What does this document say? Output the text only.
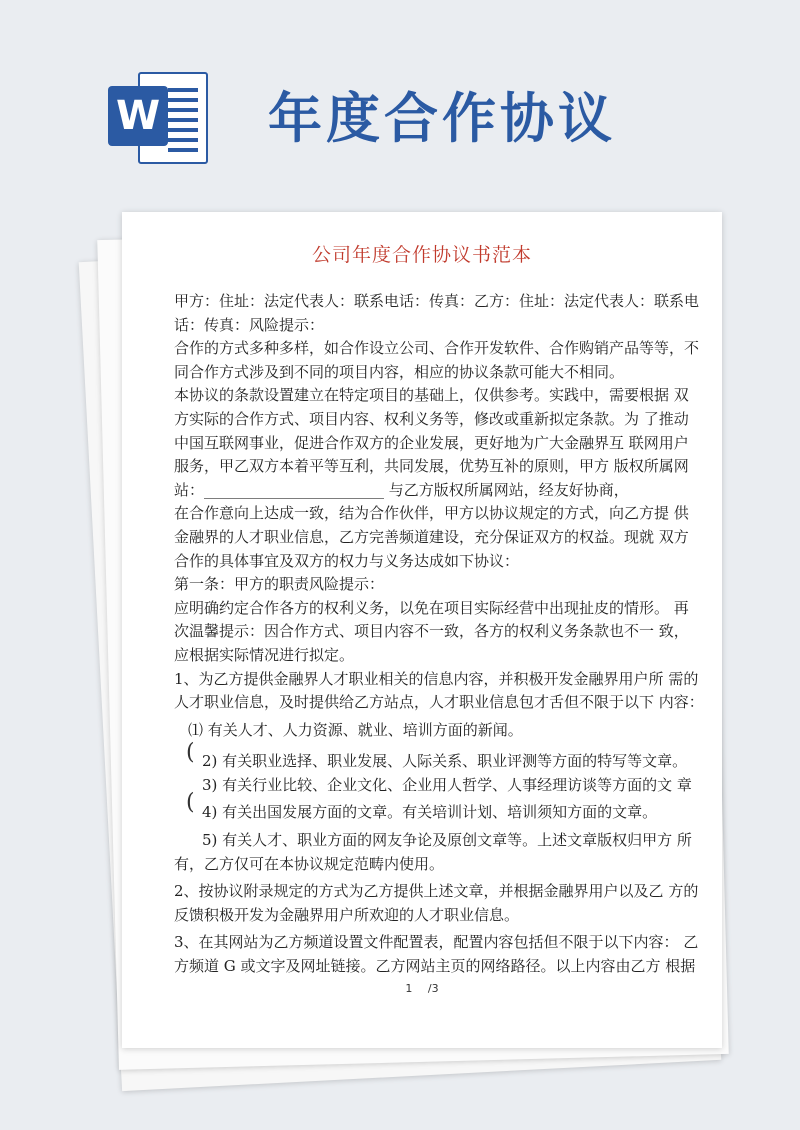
W 年度合作协议
公司年度合作协议书范本
甲方：住址：法定代表人：联系电话：传真：乙方：住址：法定代表人：联系电
话：传真：风险提示：
合作的方式多种多样，如合作设立公司、合作开发软件、合作购销产品等等，不
同合作方式涉及到不同的项目内容，相应的协议条款可能大不相同。
本协议的条款设置建立在特定项目的基础上，仅供参考。实践中，需要根据 双
方实际的合作方式、项目内容、权利义务等，修改或重新拟定条款。为 了推动
中国互联网事业，促进合作双方的企业发展，更好地为广大金融界互 联网用户
服务，甲乙双方本着平等互利，共同发展，优势互补的原则，甲方 版权所属网
站：________________________ 与乙方版权所属网站，经友好协商，
在合作意向上达成一致，结为合作伙伴，甲方以协议规定的方式，向乙方提 供
金融界的人才职业信息，乙方完善频道建设，充分保证双方的权益。现就 双方
合作的具体事宜及双方的权力与义务达成如下协议：
第一条：甲方的职责风险提示：
应明确约定合作各方的权利义务，以免在项目实际经营中出现扯皮的情形。 再
次温馨提示：因合作方式、项目内容不一致，各方的权利义务条款也不一 致，
应根据实际情况进行拟定。
1、为乙方提供金融界人才职业相关的信息内容，并积极开发金融界用户所 需的
人才职业信息，及时提供给乙方站点，人才职业信息包才舌但不限于以下 内容：
⑴ 有关人才、人力资源、就业、培训方面的新闻。
2) 有关职业选择、职业发展、人际关系、职业评测等方面的特写等文章。
3) 有关行业比较、企业文化、企业用人哲学、人事经理访谈等方面的文 章
4) 有关出国发展方面的文章。有关培训计划、培训须知方面的文章。
5) 有关人才、职业方面的网友争论及原创文章等。上述文章版权归甲方 所
有，乙方仅可在本协议规定范畴内使用。
2、按协议附录规定的方式为乙方提供上述文章，并根据金融界用户以及乙 方的
反馈积极开发为金融界用户所欢迎的人才职业信息。
3、在其网站为乙方频道设置文件配置表，配置内容包括但不限于以下内容： 乙
方频道 G 或文字及网址链接。乙方网站主页的网络路径。以上内容由乙方 根据
(
(
1 /3
